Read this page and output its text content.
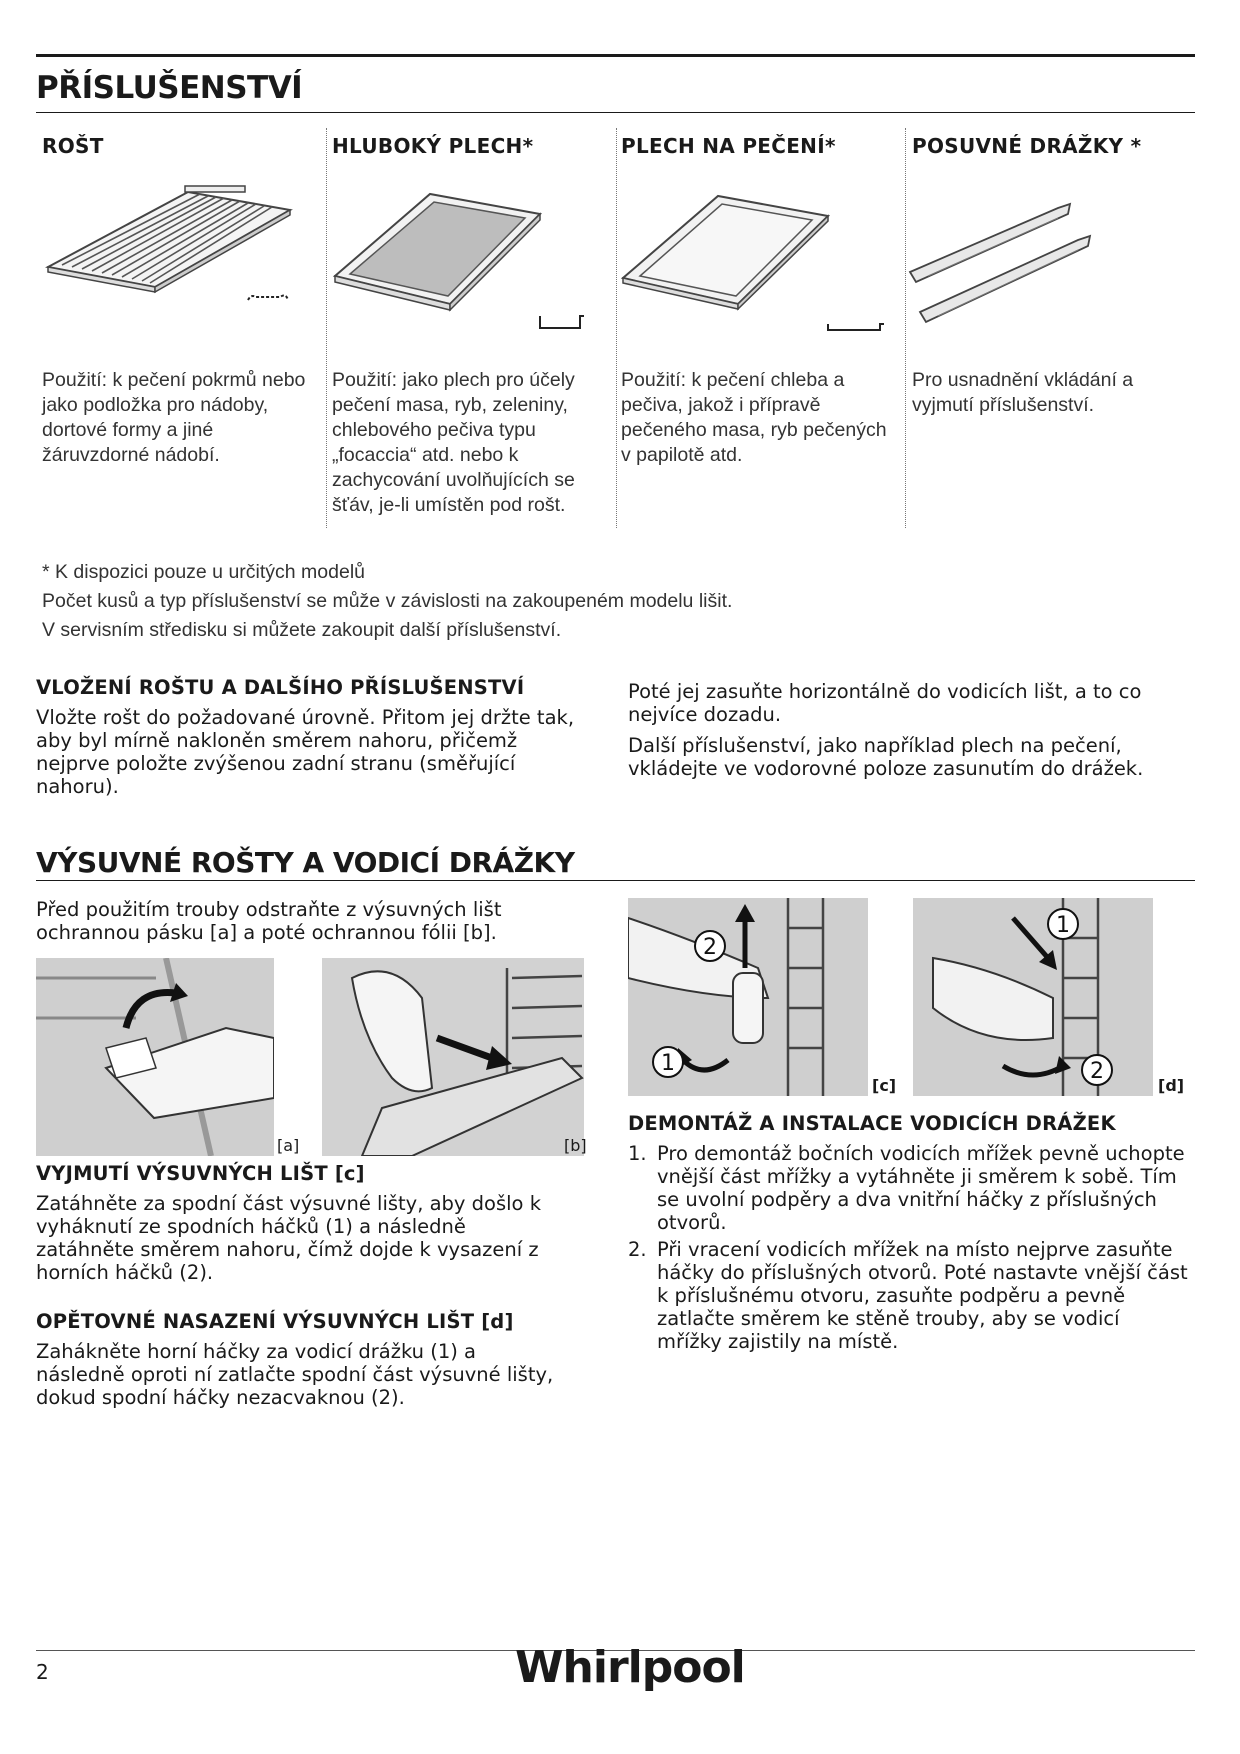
PŘÍSLUŠENSTVÍ
ROŠT	HLUBOKÝ PLECH*	PLECH NA PEČENÍ*	POSUVNÉ DRÁŽKY *
Použití: k pečení pokrmů nebo jako podložka pro nádoby, dortové formy a jiné žáruvzdorné nádobí.
Použití: jako plech pro účely pečení masa, ryb, zeleniny, chlebového pečiva typu „focaccia“ atd. nebo k zachycování uvolňujících se šťáv, je-li umístěn pod rošt.
Použití: k pečení chleba a pečiva, jakož i přípravě pečeného masa, ryb pečených v papilotě atd.
Pro usnadnění vkládání a vyjmutí příslušenství.
* K dispozici pouze u určitých modelů
Počet kusů a typ příslušenství se může v závislosti na zakoupeném modelu lišit.
V servisním středisku si můžete zakoupit další příslušenství.
VLOŽENÍ ROŠTU A DALŠÍHO PŘÍSLUŠENSTVÍ
Vložte rošt do požadované úrovně. Přitom jej držte tak, aby byl mírně nakloněn směrem nahoru, přičemž nejprve položte zvýšenou zadní stranu (směřující nahoru).
Poté jej zasuňte horizontálně do vodicích lišt, a to co nejvíce dozadu.
Další příslušenství, jako například plech na pečení, vkládejte ve vodorovné poloze zasunutím do drážek.
VÝSUVNÉ ROŠTY A VODICÍ DRÁŽKY
Před použitím trouby odstraňte z výsuvných lišt ochrannou pásku [a] a poté ochrannou fólii [b].
[a]	[b]
2
1
[c]
1
2
[d]
VYJMUTÍ VÝSUVNÝCH LIŠT [c]
Zatáhněte za spodní část výsuvné lišty, aby došlo k vyháknutí ze spodních háčků (1) a následně zatáhněte směrem nahoru, čímž dojde k vysazení z horních háčků (2).
OPĚTOVNÉ NASAZENÍ VÝSUVNÝCH LIŠT [d]
Zahákněte horní háčky za vodicí drážku (1) a následně oproti ní zatlačte spodní část výsuvné lišty, dokud spodní háčky nezacvaknou (2).
DEMONTÁŽ A INSTALACE VODICÍCH DRÁŽEK
1. Pro demontáž bočních vodicích mřížek pevně uchopte vnější část mřížky a vytáhněte ji směrem k sobě. Tím se uvolní podpěry a dva vnitřní háčky z příslušných otvorů.
2. Při vracení vodicích mřížek na místo nejprve zasuňte háčky do příslušných otvorů. Poté nastavte vnější část k příslušnému otvoru, zasuňte podpěru a pevně zatlačte směrem ke stěně trouby, aby se vodicí mřížky zajistily na místě.
2	Whirlpool
